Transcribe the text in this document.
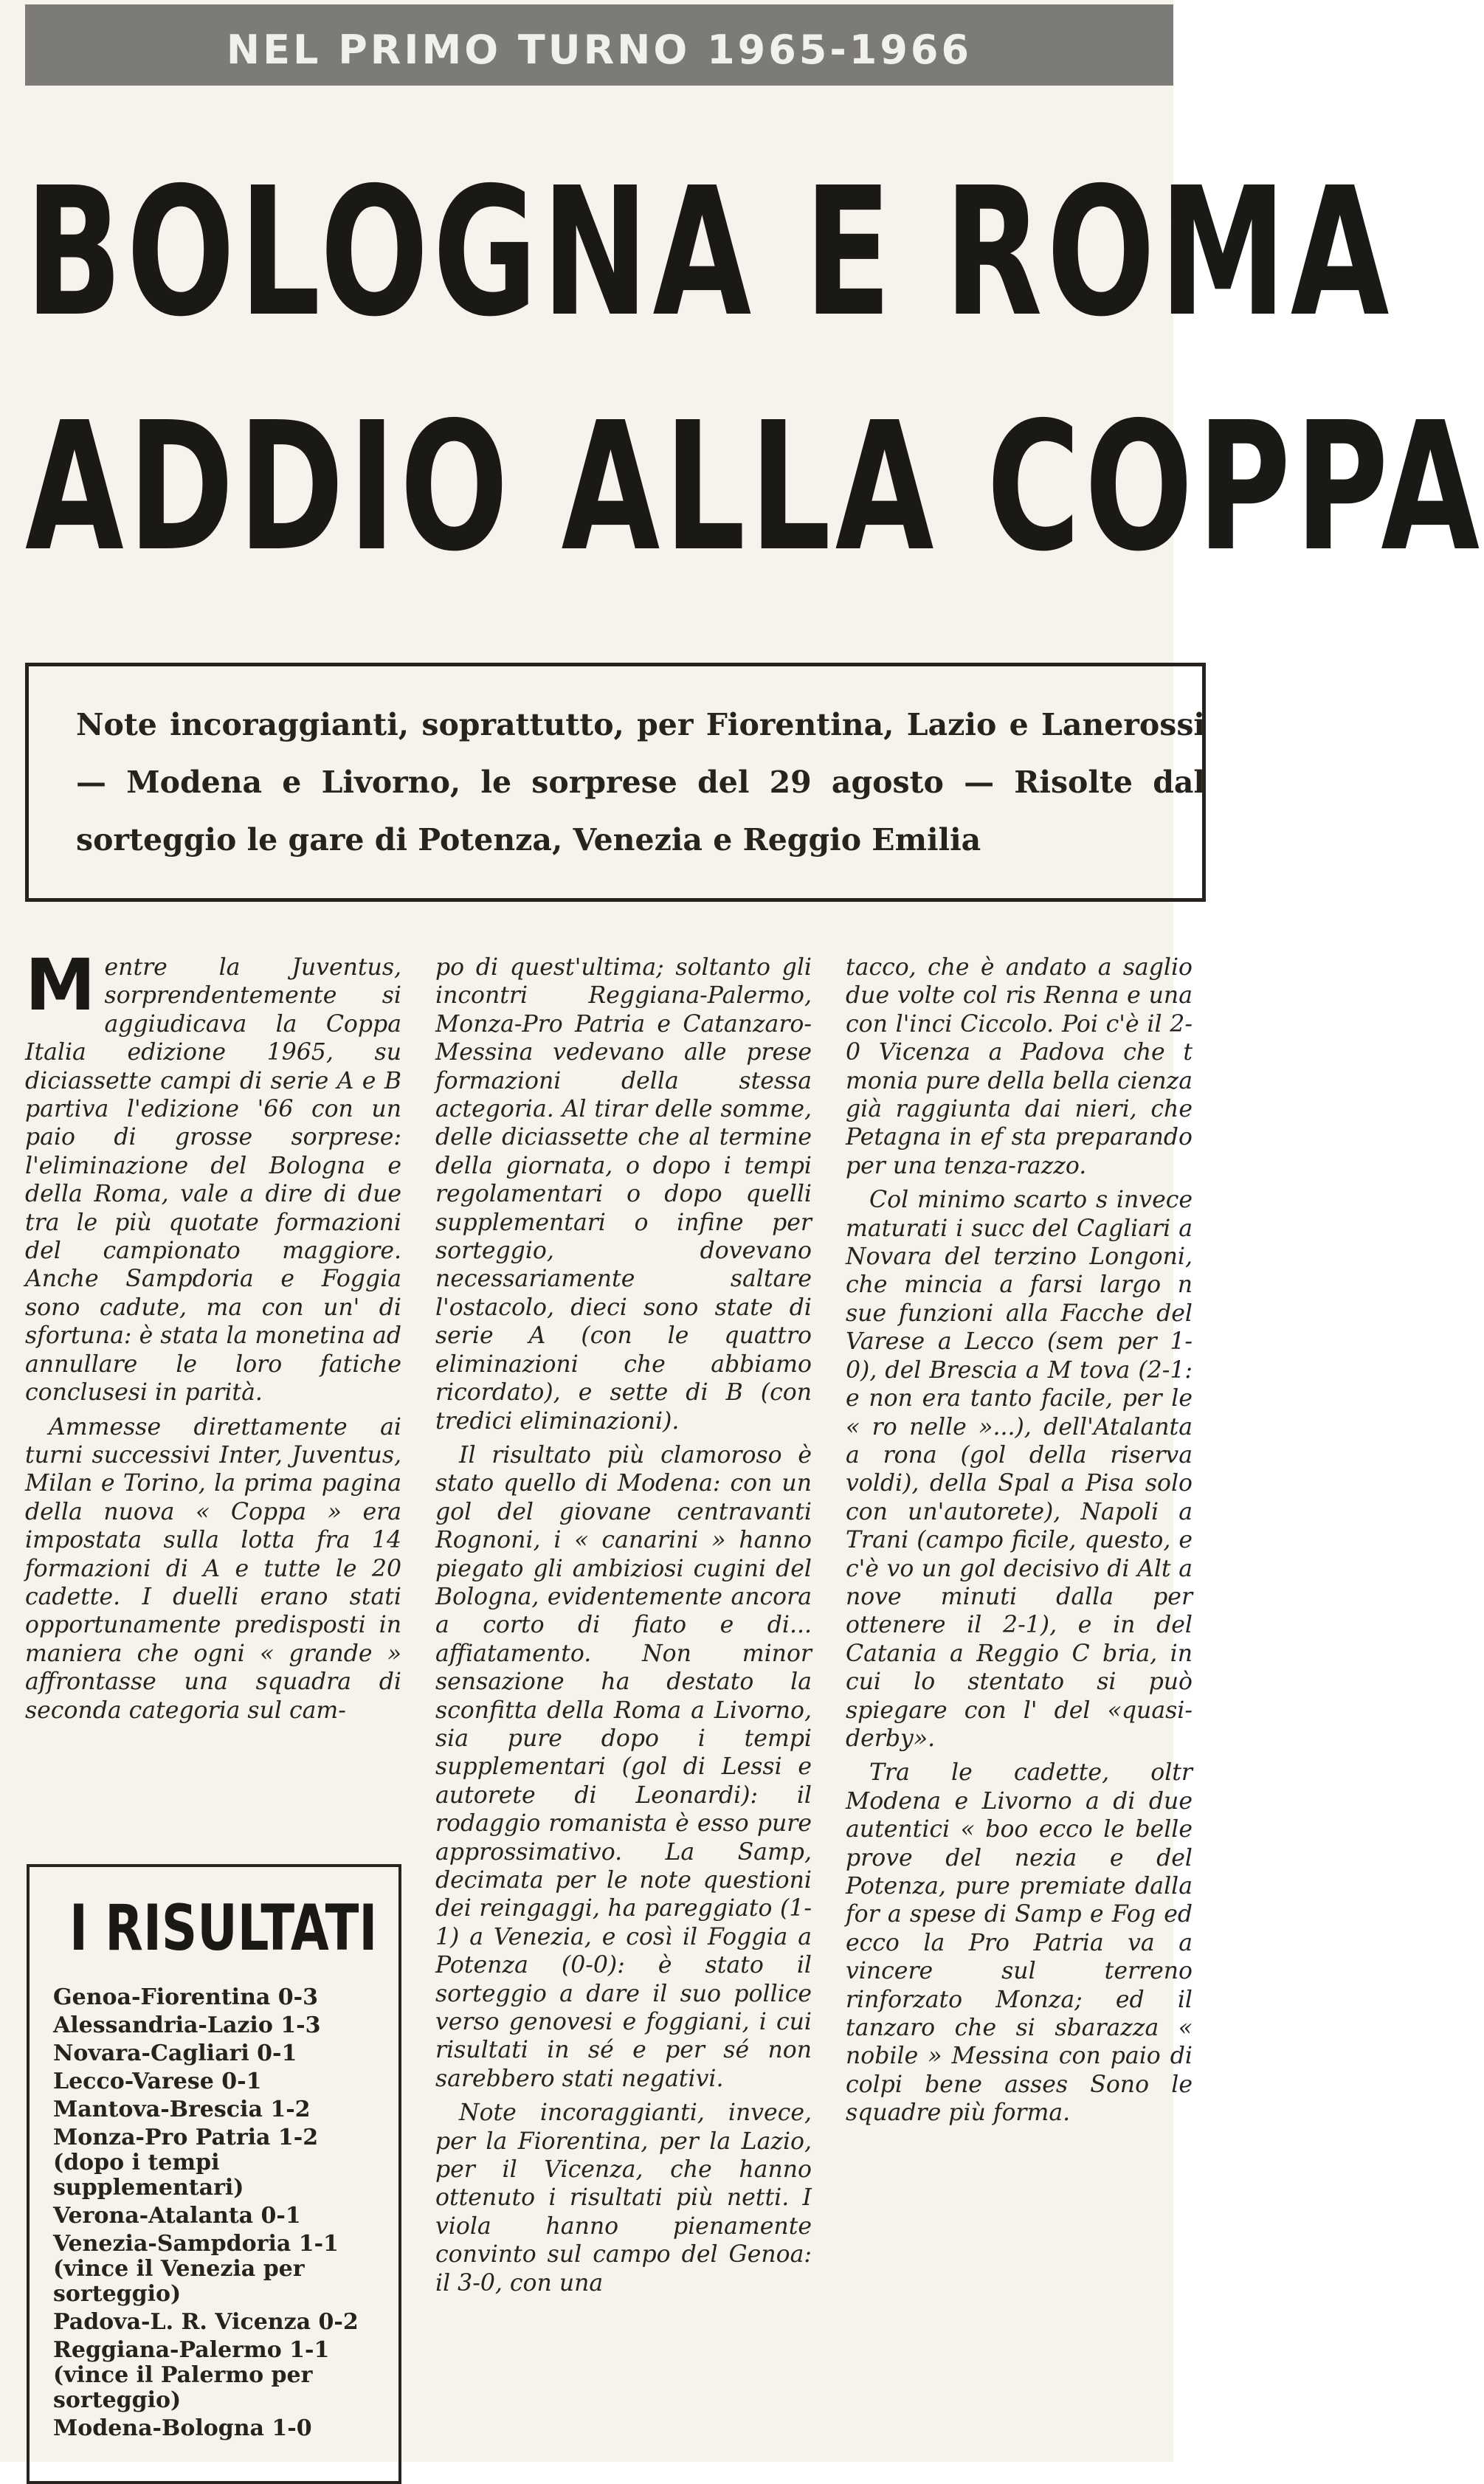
NEL PRIMO TURNO 1965-1966
BOLOGNA E ROMA
ADDIO ALLA COPPA
Note incoraggianti, soprattutto, per Fiorentina, Lazio e Lanerossi — Modena e Livorno, le sorprese del 29 agosto — Risolte dal sorteggio le gare di Potenza, Venezia e Reggio Emilia

Mentre la Juventus, sorprendentemente si aggiudicava la Coppa Italia edizione 1965, su diciassette campi di serie A e B partiva l'edizione '66 con un paio di grosse sorprese: l'eliminazione del Bologna e della Roma, vale a dire di due tra le più quotate formazioni del campionato maggiore. Anche Sampdoria e Foggia sono cadute, ma con un' di sfortuna: è stata la monetina ad annullare le loro fatiche conclusesi in parità.

Ammesse direttamente ai turni successivi Inter, Juventus, Milan e Torino, la prima pagina della nuova « Coppa » era impostata sulla lotta fra 14 formazioni di A e tutte le 20 cadette. I duelli erano stati opportunamente predisposti in maniera che ogni « grande » affrontasse una squadra di seconda categoria sul cam-

I RISULTATI
Genoa-Fiorentina 0-3
Alessandria-Lazio 1-3
Novara-Cagliari 0-1
Lecco-Varese 0-1
Mantova-Brescia 1-2
Monza-Pro Patria 1-2 (dopo i tempi supplementari)
Verona-Atalanta 0-1
Venezia-Sampdoria 1-1 (vince il Venezia per sorteggio)
Padova-L. R. Vicenza 0-2
Reggiana-Palermo 1-1 (vince il Palermo per sorteggio)
Modena-Bologna 1-0

po di quest'ultima; soltanto gli incontri Reggiana-Palermo, Monza-Pro Patria e Catanzaro-Messina vedevano alle prese formazioni della stessa actegoria. Al tirar delle somme, delle diciassette che al termine della giornata, o dopo i tempi regolamentari o dopo quelli supplementari o infine per sorteggio, dovevano necessariamente saltare l'ostacolo, dieci sono state di serie A (con le quattro eliminazioni che abbiamo ricordato), e sette di B (con tredici eliminazioni).

Il risultato più clamoroso è stato quello di Modena: con un gol del giovane centravanti Rognoni, i « canarini » hanno piegato gli ambiziosi cugini del Bologna, evidentemente ancora a corto di fiato e di... affiatamento. Non minor sensazione ha destato la sconfitta della Roma a Livorno, sia pure dopo i tempi supplementari (gol di Lessi e autorete di Leonardi): il rodaggio romanista è esso pure approssimativo. La Samp, decimata per le note questioni dei reingaggi, ha pareggiato (1-1) a Venezia, e così il Foggia a Potenza (0-0): è stato il sorteggio a dare il suo pollice verso genovesi e foggiani, i cui risultati in sé e per sé non sarebbero stati negativi.

Note incoraggianti, invece, per la Fiorentina, per la Lazio, per il Vicenza, che hanno ottenuto i risultati più netti. I viola hanno pienamente convinto sul campo del Genoa: il 3-0, con una

tacco, che è andato a saglio due volte col ris Renna e una con l'inci Ciccolo. Poi c'è il 2-0 Vicenza a Padova che t monia pure della bella cienza già raggiunta dai nieri, che Petagna in ef sta preparando per una tenza-razzo.

Col minimo scarto s invece maturati i succ del Cagliari a Novara del terzino Longoni, che mincia a farsi largo n sue funzioni alla Facche del Varese a Lecco (sem per 1-0), del Brescia a M tova (2-1: e non era tanto facile, per le « ro nelle »...), dell'Atalanta a rona (gol della riserva voldi), della Spal a Pisa solo con un'autorete), Napoli a Trani (campo ficile, questo, e c'è vo un gol decisivo di Alt a nove minuti dalla per ottenere il 2-1), e in del Catania a Reggio C bria, in cui lo stentato si può spiegare con l' del «quasi-derby».

Tra le cadette, oltr Modena e Livorno a di due autentici « boo ecco le belle prove del nezia e del Potenza, pure premiate dalla for a spese di Samp e Fog ed ecco la Pro Patria va a vincere sul terreno rinforzato Monza; ed il tanzaro che si sbarazza « nobile » Messina con paio di colpi bene asses Sono le squadre più forma.
